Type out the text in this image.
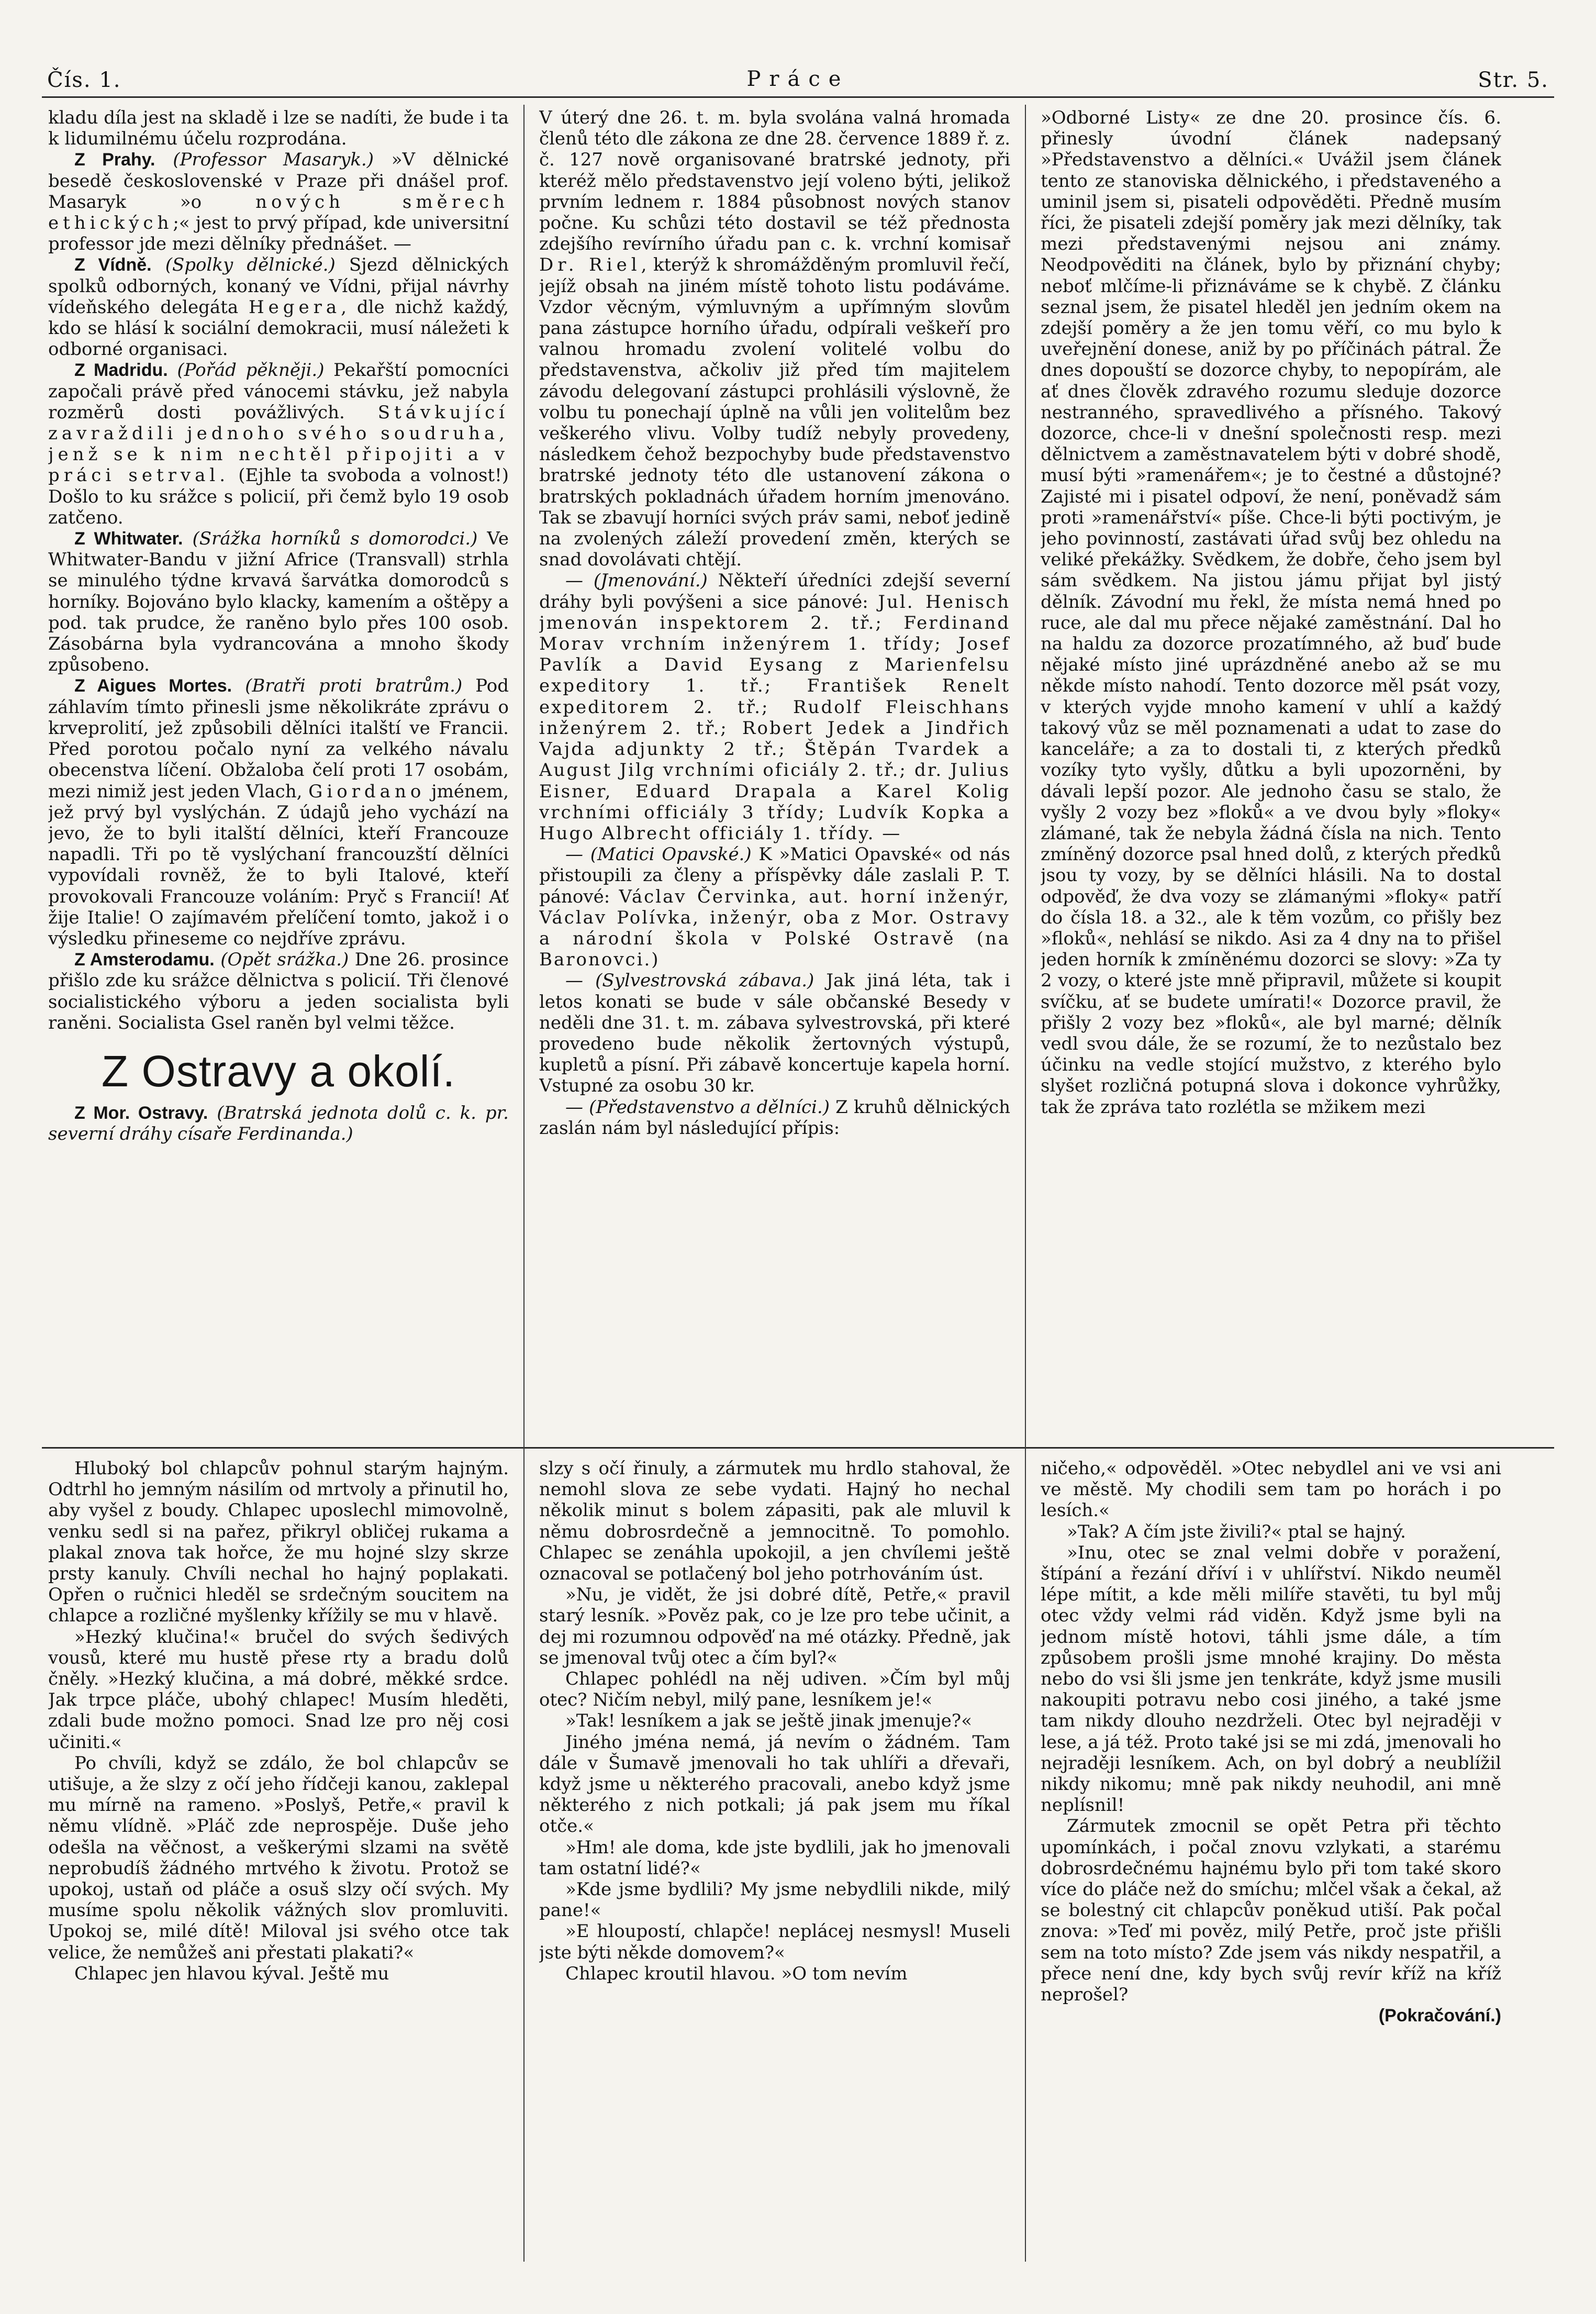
Čís. 1.	Práce	Str. 5.

kladu díla jest na skladě i lze se nadíti, že bude i ta k lidumilnému účelu rozprodána.

Z Prahy. (Professor Masaryk.) »V dělnické besedě československé v Praze při dnášel prof. Masaryk »o	nových směrech ethických;« jest to prvý případ, kde universitní professor jde mezi dělníky přednášet. —

Z Vídně. (Spolky dělnické.) Sjezd dělnických spolků odborných, konaný ve Vídni, přijal návrhy vídeňského delegáta Hegera, dle nichž každý, kdo se hlásí k sociální demokracii, musí náležeti k odborné organisaci.

Z Madridu. (Pořád pěkněji.) Pekařští pomocníci započali právě před vánocemi stávku, jež nabyla rozměrů dosti povážlivých. Stávkující zavraždili jednoho svého soudruha, jenž se k nim nechtěl připojiti a v práci setrval. (Ejhle ta svoboda a volnost!) Došlo to ku srážce s policií, při čemž bylo 19 osob zatčeno.

Z Whitwater. (Srážka horníků s domorodci.) Ve Whitwater-Bandu v jižní Africe (Transvall) strhla se minulého týdne krvavá šarvátka domorodců s horníky. Bojováno bylo klacky, kamením a oštěpy a pod. tak prudce, že raněno bylo přes 100 osob. Zásobárna byla vydrancována a mnoho škody způsobeno.

Z Aigues Mortes. (Bratři proti bratrům.) Pod záhlavím tímto přinesli jsme několikráte zprávu o krveprolití, jež způsobili dělníci italští ve Francii. Před porotou počalo nyní za velkého návalu obecenstva líčení. Obžaloba čelí proti 17 osobám, mezi nimiž jest jeden Vlach, Giordano jménem, jež prvý byl vyslýchán. Z údajů jeho vychází na jevo, že to byli italští dělníci, kteří Francouze napadli. Tři po tě vyslýchaní francouzští dělníci vypovídali rovněž, že to byli Italové, kteří provokovali Francouze voláním: Pryč s Francií! Ať žije Italie! O zajímavém přelíčení tomto, jakož i o výsledku přineseme co nejdříve zprávu.

Z Amsterodamu. (Opět srážka.) Dne 26. prosince přišlo zde ku srážce dělnictva s policií. Tři členové socialistického výboru a jeden socialista byli raněni. Socialista Gsel raněn byl velmi těžce.

Z Ostravy a okolí.

Z Mor. Ostravy. (Bratrská jednota dolů c. k. pr. severní dráhy císaře Ferdinanda.)

V úterý dne 26. t. m. byla svolána valná hromada členů této dle zákona ze dne 28. července 1889 ř. z. č. 127 nově organisované bratrské jednoty, při kteréž mělo představenstvo její voleno býti, jelikož prvním lednem r. 1884 působnost nových stanov počne. Ku schůzi této dostavil se též přednosta zdejšího revírního úřadu pan c. k. vrchní komisař Dr. Riel, kterýž k shromážděným promluvil řečí, jejíž obsah na jiném místě tohoto listu podáváme. Vzdor věcným, výmluvným a upřímným slovům pana zástupce horního úřadu, odpírali veškeří pro valnou hromadu zvolení volitelé volbu do představenstva, ačkoliv již před tím majitelem závodu delegovaní zástupci prohlásili výslovně, že volbu tu ponechají úplně na vůli jen volitelům bez veškerého vlivu. Volby tudíž nebyly provedeny, následkem čehož bezpochyby bude představenstvo bratrské jednoty této dle ustanovení zákona o bratrských pokladnách úřadem horním jmenováno. Tak se zbavují horníci svých práv sami, neboť jedině na zvolených záleží provedení změn, kterých se snad dovolávati chtějí.

— (Jmenování.) Někteří úředníci zdejší severní dráhy byli povýšeni a sice pánové: Jul. Henisch jmenován inspektorem 2. tř.; Ferdinand Morav vrchním inženýrem 1. třídy; Josef Pavlík a David Eysang z Marienfelsu expeditory 1. tř.; František Renelt expeditorem 2. tř.; Rudolf Fleischhans inženýrem 2. tř.; Robert Jedek a Jindřich Vajda adjunkty 2 tř.; Štěpán Tvardek a August Jilg vrchními oficiály 2. tř.; dr. Julius Eisner, Eduard Drapala a Karel Kolig vrchními officiály 3 třídy; Ludvík Kopka a Hugo Albrecht officiály 1. třídy. —

— (Matici Opavské.) K »Matici Opavské« od nás přistoupili za členy a příspěvky dále zaslali P. T. pánové: Václav Červinka, aut. horní inženýr, Václav Polívka, inženýr, oba z Mor. Ostravy a národní škola v Polské Ostravě (na Baronovci.)

— (Sylvestrovská zábava.) Jak jiná léta, tak i letos konati se bude v sále občanské Besedy v neděli dne 31. t. m. zábava sylvestrovská, při které provedeno bude několik žertovných výstupů, kupletů a písní. Při zábavě koncertuje kapela horní. Vstupné za osobu 30 kr.

— (Představenstvo a dělníci.) Z kruhů dělnických zaslán nám byl následující přípis:

»Odborné Listy« ze dne 20. prosince čís. 6. přinesly úvodní článek nadepsaný »Představenstvo a dělníci.« Uvážil jsem článek tento ze stanoviska dělnického, i představeného a uminil jsem si, pisateli odpověděti. Předně musím říci, že pisateli zdejší poměry jak mezi dělníky, tak mezi představenými nejsou ani známy. Neodpověditi na článek, bylo by přiznání chyby; neboť mlčíme-li přiznáváme se k chybě. Z článku seznal jsem, že pisatel hleděl jen jedním okem na zdejší poměry a že jen tomu věří, co mu bylo k uveřejnění donese, aniž by po příčinách pátral. Že dnes dopouští se dozorce chyby, to nepopírám, ale ať dnes člověk zdravého rozumu sleduje dozorce nestranného, spravedlivého a přísného. Takový dozorce, chce-li v dnešní společnosti resp. mezi dělnictvem a zaměstnavatelem býti v dobré shodě, musí býti »ramenářem«; je to čestné a důstojné? Zajisté mi i pisatel odpoví, že není, poněvadž sám proti »ramenářství« píše. Chce-li býti poctivým, je jeho povinností, zastávati úřad svůj bez ohledu na veliké překážky. Svědkem, že dobře, čeho jsem byl sám svědkem. Na jistou jámu přijat byl jistý dělník. Závodní mu řekl, že místa nemá hned po ruce, ale dal mu přece nějaké zaměstnání. Dal ho na haldu za dozorce prozatímného, až buď bude nějaké místo jiné uprázdněné anebo až se mu někde místo nahodí. Tento dozorce měl psát vozy, v kterých vyjde mnoho kamení v uhlí a každý takový vůz se měl poznamenati a udat to zase do kanceláře; a za to dostali ti, z kterých předků vozíky tyto vyšly, důtku a byli upozorněni, by dávali lepší pozor. Ale jednoho času se stalo, že vyšly 2 vozy bez »floků« a ve dvou byly »floky« zlámané, tak že nebyla žádná čísla na nich. Tento zmíněný dozorce psal hned dolů, z kterých předků jsou ty vozy, by se dělníci hlásili. Na to dostal odpověď, že dva vozy se zlámanými »floky« patří do čísla 18. a 32., ale k těm vozům, co přišly bez »floků«, nehlásí se nikdo. Asi za 4 dny na to přišel jeden horník k zmíněnému dozorci se slovy: »Za ty 2 vozy, o které jste mně připravil, můžete si koupit svíčku, ať se budete umírati!« Dozorce pravil, že přišly 2 vozy bez »floků«, ale byl marné; dělník vedl svou dále, že se rozumí, že to nezůstalo bez účinku na vedle stojící mužstvo, z kterého bylo slyšet rozličná potupná slova i dokonce vyhrůžky, tak že zpráva tato rozlétla se mžikem mezi

Hluboký bol chlapcův pohnul starým hajným. Odtrhl ho jemným násilím od mrtvoly a přinutil ho, aby vyšel z boudy. Chlapec uposlechl mimovolně, venku sedl si na pařez, přikryl obličej rukama a plakal znova tak hořce, že mu hojné slzy skrze prsty kanuly. Chvíli nechal ho hajný poplakati. Opřen o ručnici hleděl se srdečným soucitem na chlapce a rozličné myšlenky křížily se mu v hlavě.

»Hezký klučina!« bručel do svých šedivých vousů, které mu hustě přese rty a bradu dolů čněly. »Hezký klučina, a má dobré, měkké srdce. Jak trpce pláče, ubohý chlapec! Musím hleděti, zdali bude možno pomoci. Snad lze pro něj cosi učiniti.«

Po chvíli, když se zdálo, že bol chlapcův se utišuje, a že slzy z očí jeho řídčeji kanou, zaklepal mu mírně na rameno. »Poslyš, Petře,« pravil k němu vlídně. »Pláč zde neprospěje. Duše jeho odešla na věčnost, a veškerými slzami na světě neprobudíš žádného mrtvého k životu. Protož se upokoj, ustaň od pláče a osuš slzy očí svých. My musíme spolu několik vážných slov promluviti. Upokoj se, milé dítě! Miloval jsi svého otce tak velice, že nemůžeš ani přestati plakati?«

Chlapec jen hlavou kýval. Ještě mu

slzy s očí řinuly, a zármutek mu hrdlo stahoval, že nemohl slova ze sebe vydati. Hajný ho nechal několik minut s bolem zápasiti, pak ale mluvil k němu dobrosrdečně a jemnocitně. To pomohlo. Chlapec se zenáhla upokojil, a jen chvílemi ještě oznacoval se potlačený bol jeho potrhováním úst.

»Nu, je vidět, že jsi dobré dítě, Petře,« pravil starý lesník. »Pověz pak, co je lze pro tebe učinit, a dej mi rozumnou odpověď na mé otázky. Předně, jak se jmenoval tvůj otec a čím byl?«

Chlapec pohlédl na něj udiven. »Čím byl můj otec? Ničím nebyl, milý pane, lesníkem je!«

»Tak! lesníkem a jak se ještě jinak jmenuje?«

Jiného jména nemá, já nevím o žádném. Tam dále v Šumavě jmenovali ho tak uhlíři a dřevaři, když jsme u některého pracovali, anebo když jsme některého z nich potkali; já pak jsem mu říkal otče.«

»Hm! ale doma, kde jste bydlili, jak ho jmenovali tam ostatní lidé?«

»Kde jsme bydlili? My jsme nebydlili nikde, milý pane!«

»E hloupostí, chlapče! neplácej nesmysl! Museli jste býti někde domovem?«

Chlapec kroutil hlavou. »O tom nevím

ničeho,« odpověděl. »Otec nebydlel ani ve vsi ani ve městě. My chodili sem tam po horách i po lesích.«

»Tak? A čím jste živili?« ptal se hajný.

»Inu, otec se znal velmi dobře v poražení, štípání a řezání dříví i v uhlířství. Nikdo neuměl lépe mítit, a kde měli milíře stavěti, tu byl můj otec vždy velmi rád viděn. Když jsme byli na jednom místě hotovi, táhli jsme dále, a tím způsobem prošli jsme mnohé krajiny. Do města nebo do vsi šli jsme jen tenkráte, když jsme musili nakoupiti potravu nebo cosi jiného, a také jsme tam nikdy dlouho nezdrželi. Otec byl nejraději v lese, a já též. Proto také jsi se mi zdá, jmenovali ho nejraději lesníkem. Ach, on byl dobrý a neublížil nikdy nikomu; mně pak nikdy neuhodil, ani mně neplísnil!

Zármutek zmocnil se opět Petra při těchto upomínkách, i počal znovu vzlykati, a starému dobrosrdečnému hajnému bylo při tom také skoro více do pláče než do smíchu; mlčel však a čekal, až se bolestný cit chlapcův poněkud utiší. Pak počal znova: »Teď mi pověz, milý Petře, proč jste přišli sem na toto místo? Zde jsem vás nikdy nespatřil, a přece není dne, kdy bych svůj revír kříž na kříž neprošel?

(Pokračování.)
